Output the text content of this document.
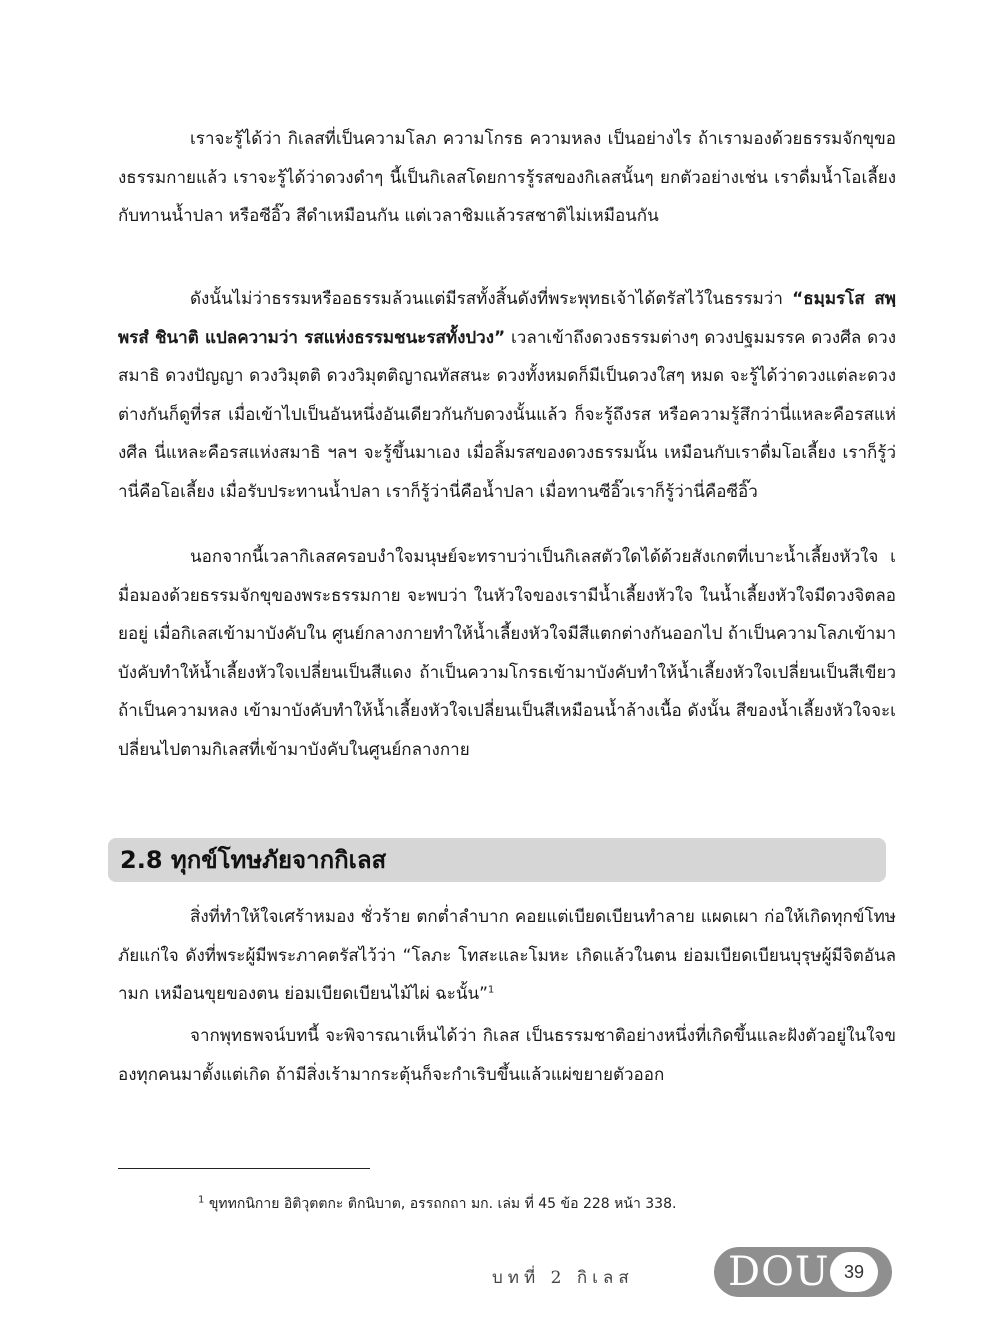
เราจะรู้ได้ว่า กิเลสที่เป็นความโลภ ความโกรธ ความหลง เป็นอย่างไร ถ้าเรามองด้วยธรรมจักขุของธรรมกายแล้ว เราจะรู้ได้ว่าดวงดำๆ นี้เป็นกิเลสโดยการรู้รสของกิเลสนั้นๆ ยกตัวอย่างเช่น เราดื่มน้ำโอเลี้ยงกับทานน้ำปลา หรือซีอิ๊ว สีดำเหมือนกัน แต่เวลาชิมแล้วรสชาติไม่เหมือนกัน

ดังนั้นไม่ว่าธรรมหรืออธรรมล้วนแต่มีรสทั้งสิ้นดังที่พระพุทธเจ้าได้ตรัสไว้ในธรรมว่า “ธมฺมรโส สพฺพรสํ ชินาติ แปลความว่า รสแห่งธรรมชนะรสทั้งปวง” เวลาเข้าถึงดวงธรรมต่างๆ ดวงปฐมมรรค ดวงศีล ดวงสมาธิ ดวงปัญญา ดวงวิมุตติ ดวงวิมุตติญาณทัสสนะ ดวงทั้งหมดก็มีเป็นดวงใสๆ หมด จะรู้ได้ว่าดวงแต่ละดวงต่างกันก็ดูที่รส เมื่อเข้าไปเป็นอันหนึ่งอันเดียวกันกับดวงนั้นแล้ว ก็จะรู้ถึงรส หรือความรู้สึกว่านี่แหละคือรสแห่งศีล นี่แหละคือรสแห่งสมาธิ ฯลฯ จะรู้ขึ้นมาเอง เมื่อลิ้มรสของดวงธรรมนั้น เหมือนกับเราดื่มโอเลี้ยง เราก็รู้ว่านี่คือโอเลี้ยง เมื่อรับประทานน้ำปลา เราก็รู้ว่านี่คือน้ำปลา เมื่อทานซีอิ๊วเราก็รู้ว่านี่คือซีอิ๊ว

นอกจากนี้เวลากิเลสครอบงำใจมนุษย์จะทราบว่าเป็นกิเลสตัวใดได้ด้วยสังเกตที่เบาะน้ำเลี้ยงหัวใจ เมื่อมองด้วยธรรมจักขุของพระธรรมกาย จะพบว่า ในหัวใจของเรามีน้ำเลี้ยงหัวใจ ในน้ำเลี้ยงหัวใจมีดวงจิตลอยอยู่ เมื่อกิเลสเข้ามาบังคับใน ศูนย์กลางกายทำให้น้ำเลี้ยงหัวใจมีสีแตกต่างกันออกไป ถ้าเป็นความโลภเข้ามาบังคับทำให้น้ำเลี้ยงหัวใจเปลี่ยนเป็นสีแดง ถ้าเป็นความโกรธเข้ามาบังคับทำให้น้ำเลี้ยงหัวใจเปลี่ยนเป็นสีเขียว ถ้าเป็นความหลง เข้ามาบังคับทำให้น้ำเลี้ยงหัวใจเปลี่ยนเป็นสีเหมือนน้ำล้างเนื้อ ดังนั้น สีของน้ำเลี้ยงหัวใจจะเปลี่ยนไปตามกิเลสที่เข้ามาบังคับในศูนย์กลางกาย

2.8 ทุกข์โทษภัยจากกิเลส

สิ่งที่ทำให้ใจเศร้าหมอง ชั่วร้าย ตกต่ำลำบาก คอยแต่เบียดเบียนทำลาย แผดเผา ก่อให้เกิดทุกข์โทษภัยแก่ใจ ดังที่พระผู้มีพระภาคตรัสไว้ว่า “โลภะ โทสะและโมหะ เกิดแล้วในตน ย่อมเบียดเบียนบุรุษผู้มีจิตอันลามก เหมือนขุยของตน ย่อมเบียดเบียนไม้ไผ่ ฉะนั้น”$^1$

จากพุทธพจน์บทนี้ จะพิจารณาเห็นได้ว่า กิเลส เป็นธรรมชาติอย่างหนึ่งที่เกิดขึ้นและฝังตัวอยู่ในใจของทุกคนมาตั้งแต่เกิด ถ้ามีสิ่งเร้ามากระตุ้นก็จะกำเริบขึ้นแล้วแผ่ขยายตัวออก

$^1$ ขุททกนิกาย อิติวุตตกะ ติกนิบาต, อรรถกถา มก. เล่ม ที่ 45 ข้อ 228 หน้า 338.

บทที่ 2 กิเลส DOU 39
